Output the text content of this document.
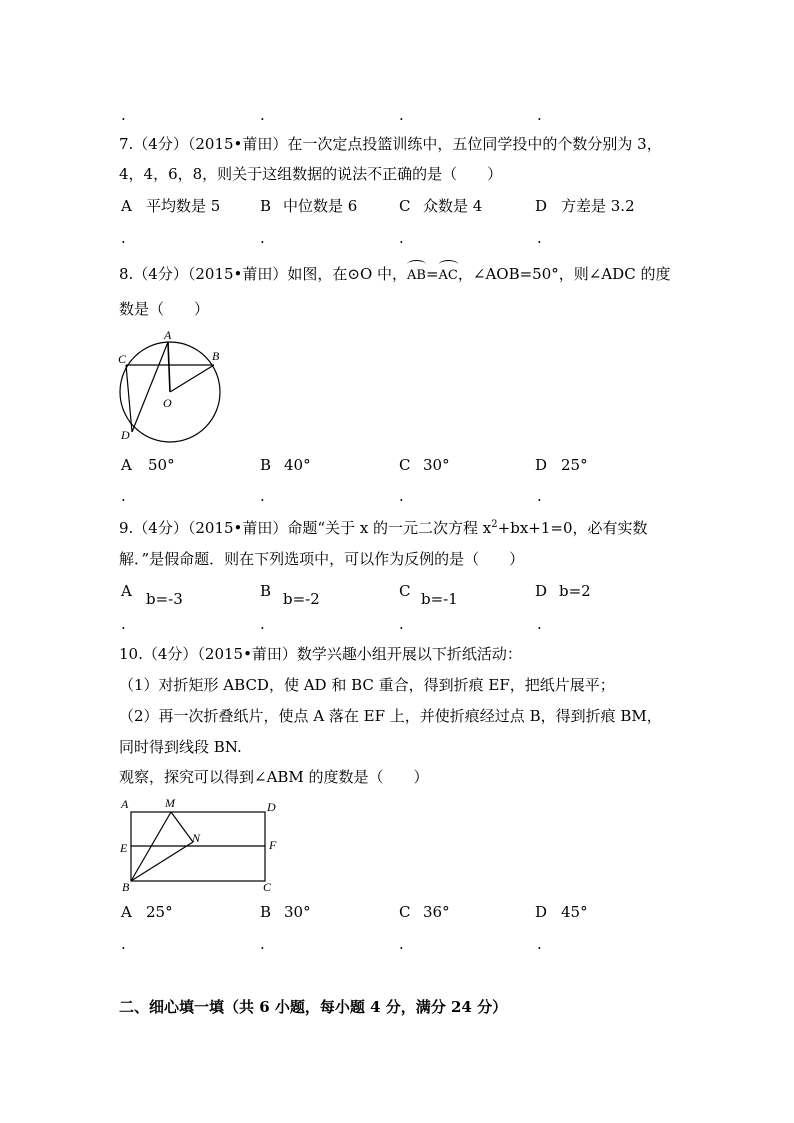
.	.	.	.
7.（4分）（2015•莆田）在一次定点投篮训练中，五位同学投中的个数分别为 3，
4，4，6，8，则关于这组数据的说法不正确的是（　　）
A 平均数是 5	B 中位数是 6	C 众数是 4	D 方差是 3.2
.	.	.	.
8.（4分）（2015•莆田）如图，在⊙O 中，
AB=
AC，∠AOB=50°，则∠ADC 的度
数是（　　）
A
B
C
D
O
A 50°	B 40°	C 30°	D 25°
.	.	.	.
9.（4分）（2015•莆田）命题“关于 x 的一元二次方程 $x^2+bx+1=0$，必有实数
解．”是假命题．则在下列选项中，可以作为反例的是（　　）
A b=-3	B b=-2	C b=-1	D b=2
.	.	.	.
10.（4分）（2015•莆田）数学兴趣小组开展以下折纸活动：
（1）对折矩形 ABCD，使 AD 和 BC 重合，得到折痕 EF，把纸片展平；
（2）再一次折叠纸片，使点 A 落在 EF 上，并使折痕经过点 B，得到折痕 BM，
同时得到线段 BN.
观察，探究可以得到∠ABM 的度数是（　　）
A	M	D
E
N	F
B	C
A 25°	B 30°	C 36°	D 45°
.	.	.	.
二、细心填一填（共 6 小题，每小题 4 分，满分 24 分）
